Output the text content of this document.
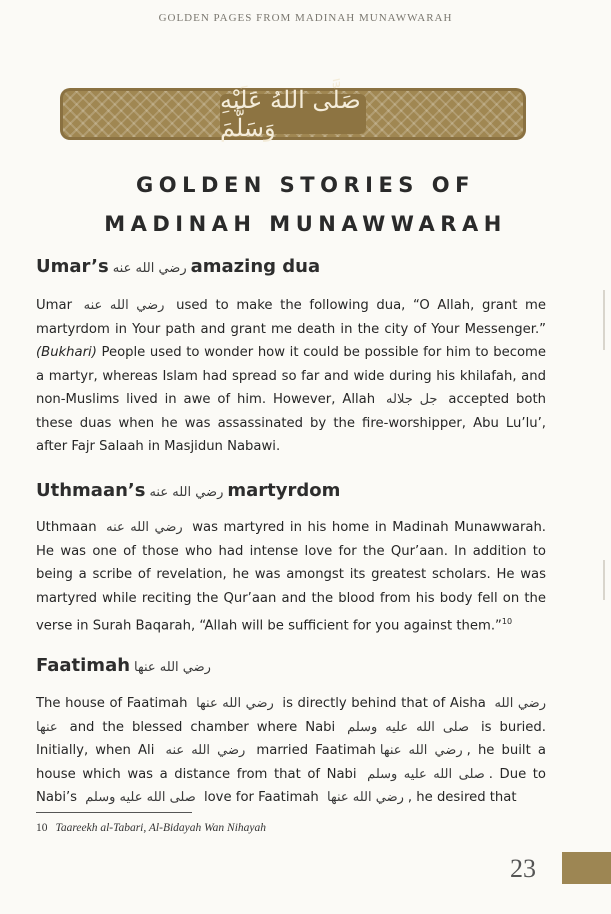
GOLDEN PAGES FROM MADINAH MUNAWWARAH
صَلَّى اللهُ عَلَيْهِ وَسَلَّمَ
GOLDEN STORIES OF
MADINAH MUNAWWARAH
Umar’s رضي الله عنه amazing dua
Umar رضي الله عنه used to make the following dua, “O Allah, grant me martyrdom in Your path and grant me death in the city of Your Messenger.” (Bukhari) People used to wonder how it could be possible for him to become a martyr, whereas Islam had spread so far and wide during his khilafah, and non-Muslims lived in awe of him. However, Allah جل جلاله accepted both these duas when he was assassinated by the fire-worshipper, Abu Lu’lu’, after Fajr Salaah in Masjidun Nabawi.
Uthmaan’s رضي الله عنه martyrdom
Uthmaan رضي الله عنه was martyred in his home in Madinah Munawwarah. He was one of those who had intense love for the Qur’aan. In addition to being a scribe of revelation, he was amongst its greatest scholars. He was martyred while reciting the Qur’aan and the blood from his body fell on the verse in Surah Baqarah, “Allah will be sufficient for you against them.”$^{10}$
Faatimah رضي الله عنها
The house of Faatimah رضي الله عنها is directly behind that of Aisha رضي الله عنها and the blessed chamber where Nabi صلى الله عليه وسلم is buried. Initially, when Ali رضي الله عنه married Faatimah رضي الله عنها , he built a house which was a distance from that of Nabi صلى الله عليه وسلم . Due to Nabi’s صلى الله عليه وسلم love for Faatimah رضي الله عنها , he desired that
10 Taareekh al-Tabari, Al-Bidayah Wan Nihayah
23
